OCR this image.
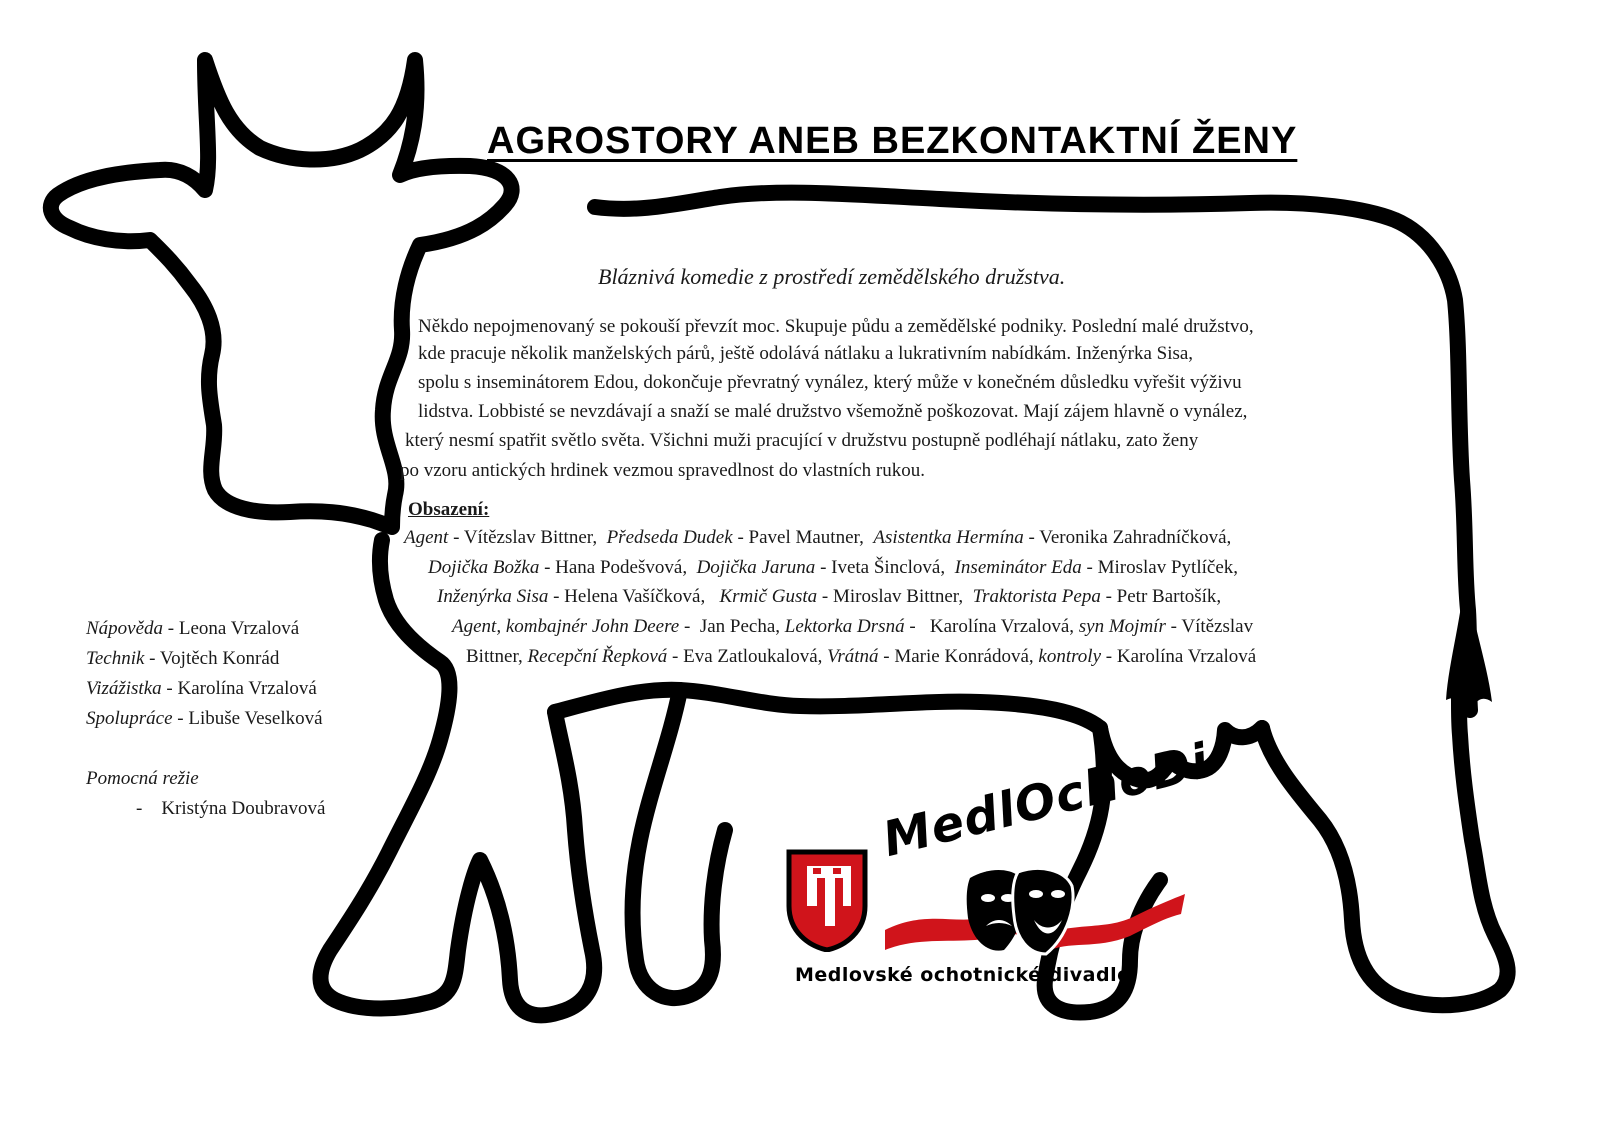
AGROSTORY ANEB BEZKONTAKTNÍ ŽENY
Bláznivá komedie z prostředí zemědělského družstva.
Někdo nepojmenovaný se pokouší převzít moc. Skupuje půdu a zemědělské podniky. Poslední malé družstvo,
kde pracuje několik manželských párů, ještě odolává nátlaku a lukrativním nabídkám. Inženýrka Sisa,
spolu s inseminátorem Edou, dokončuje převratný vynález, který může v konečném důsledku vyřešit výživu
lidstva. Lobbisté se nevzdávají a snaží se malé družstvo všemožně poškozovat. Mají zájem hlavně o vynález,
který nesmí spatřit světlo světa. Všichni muži pracující v družstvu postupně podléhají nátlaku, zato ženy
po vzoru antických hrdinek vezmou spravedlnost do vlastních rukou.
Obsazení:
Agent - Vítězslav Bittner,  Předseda Dudek - Pavel Mautner,  Asistentka Hermína - Veronika Zahradníčková,
Dojička Božka - Hana Podešvová,  Dojička Jaruna - Iveta Šinclová,  Inseminátor Eda - Miroslav Pytlíček,
Inženýrka Sisa - Helena Vašíčková,   Krmič Gusta - Miroslav Bittner,  Traktorista Pepa - Petr Bartošík,
Agent, kombajnér John Deere -  Jan Pecha, Lektorka Drsná -   Karolína Vrzalová, syn Mojmír - Vítězslav
Bittner, Recepční Řepková - Eva Zatloukalová, Vrátná - Marie Konrádová, kontroly - Karolína Vrzalová
Nápověda - Leona Vrzalová
Technik - Vojtěch Konrád
Vizážistka - Karolína Vrzalová
Spolupráce - Libuše Veselková
Pomocná režie
-    Kristýna Doubravová	MedlOchoDi
Medlovské ochotnické divadlo
